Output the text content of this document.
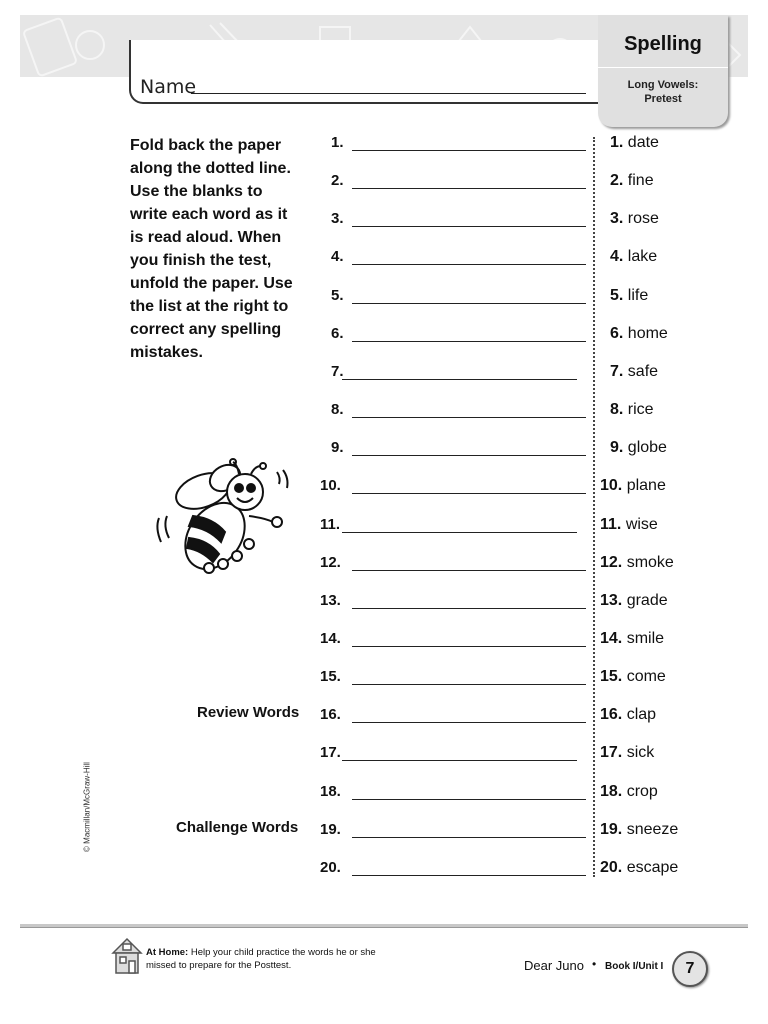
Name
Spelling
Long Vowels:
Pretest
Fold back the paper
along the dotted line.
Use the blanks to
write each word as it
is read aloud. When
you finish the test,
unfold the paper. Use
the list at the right to
correct any spelling
mistakes.
Review Words
Challenge Words
1.
2.
3.
4.
5.
6.
7.
8.
9.
10.
11.
12.
13.
14.
15.
16.
17.
18.
19.
20.
1. date
2. fine
3. rose
4. lake
5. life
6. home
7. safe
8. rice
9. globe
10. plane
11. wise
12. smoke
13. grade
14. smile
15. come
16. clap
17. sick
18. crop
19. sneeze
20. escape
© Macmillan/McGraw-Hill
At Home: Help your child practice the words he or she
missed to prepare for the Posttest.	Dear Juno • Book I/Unit I	7
